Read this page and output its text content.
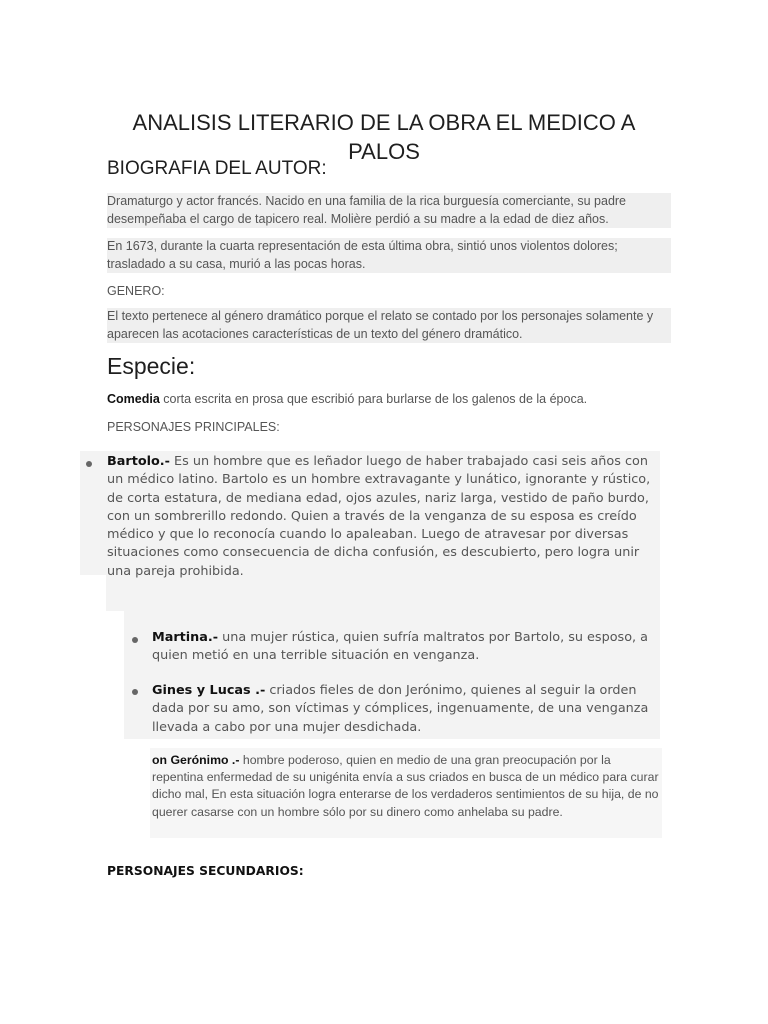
ANALISIS LITERARIO DE LA OBRA EL MEDICO A PALOS
BIOGRAFIA DEL AUTOR:
Dramaturgo y actor francés. Nacido en una familia de la rica burguesía comerciante, su padre desempeñaba el cargo de tapicero real. Molière perdió a su madre a la edad de diez años.
En 1673, durante la cuarta representación de esta última obra, sintió unos violentos dolores; trasladado a su casa, murió a las pocas horas.
GENERO:
El texto pertenece al género dramático porque el relato se contado por los personajes solamente y aparecen las acotaciones características de un texto del género dramático.
Especie:
Comedia corta escrita en prosa que escribió para burlarse de los galenos de la época.
PERSONAJES PRINCIPALES:
Bartolo.- Es un hombre que es leñador luego de haber trabajado casi seis años con un médico latino. Bartolo es un hombre extravagante y lunático, ignorante y rústico, de corta estatura, de mediana edad, ojos azules, nariz larga, vestido de paño burdo, con un sombrerillo redondo. Quien a través de la venganza de su esposa es creído médico y que lo reconocía cuando lo apaleaban. Luego de atravesar por diversas situaciones como consecuencia de dicha confusión, es descubierto, pero logra unir una pareja prohibida.
Martina.- una mujer rústica, quien sufría maltratos por Bartolo, su esposo, a quien metió en una terrible situación en venganza.
Gines y Lucas .- criados fieles de don Jerónimo, quienes al seguir la orden dada por su amo, son víctimas y cómplices, ingenuamente, de una venganza llevada a cabo por una mujer desdichada.
on Gerónimo .- hombre poderoso, quien en medio de una gran preocupación por la repentina enfermedad de su unigénita envía a sus criados en busca de un médico para curar dicho mal, En esta situación logra enterarse de los verdaderos sentimientos de su hija, de no querer casarse con un hombre sólo por su dinero como anhelaba su padre.
PERSONAJES SECUNDARIOS:
